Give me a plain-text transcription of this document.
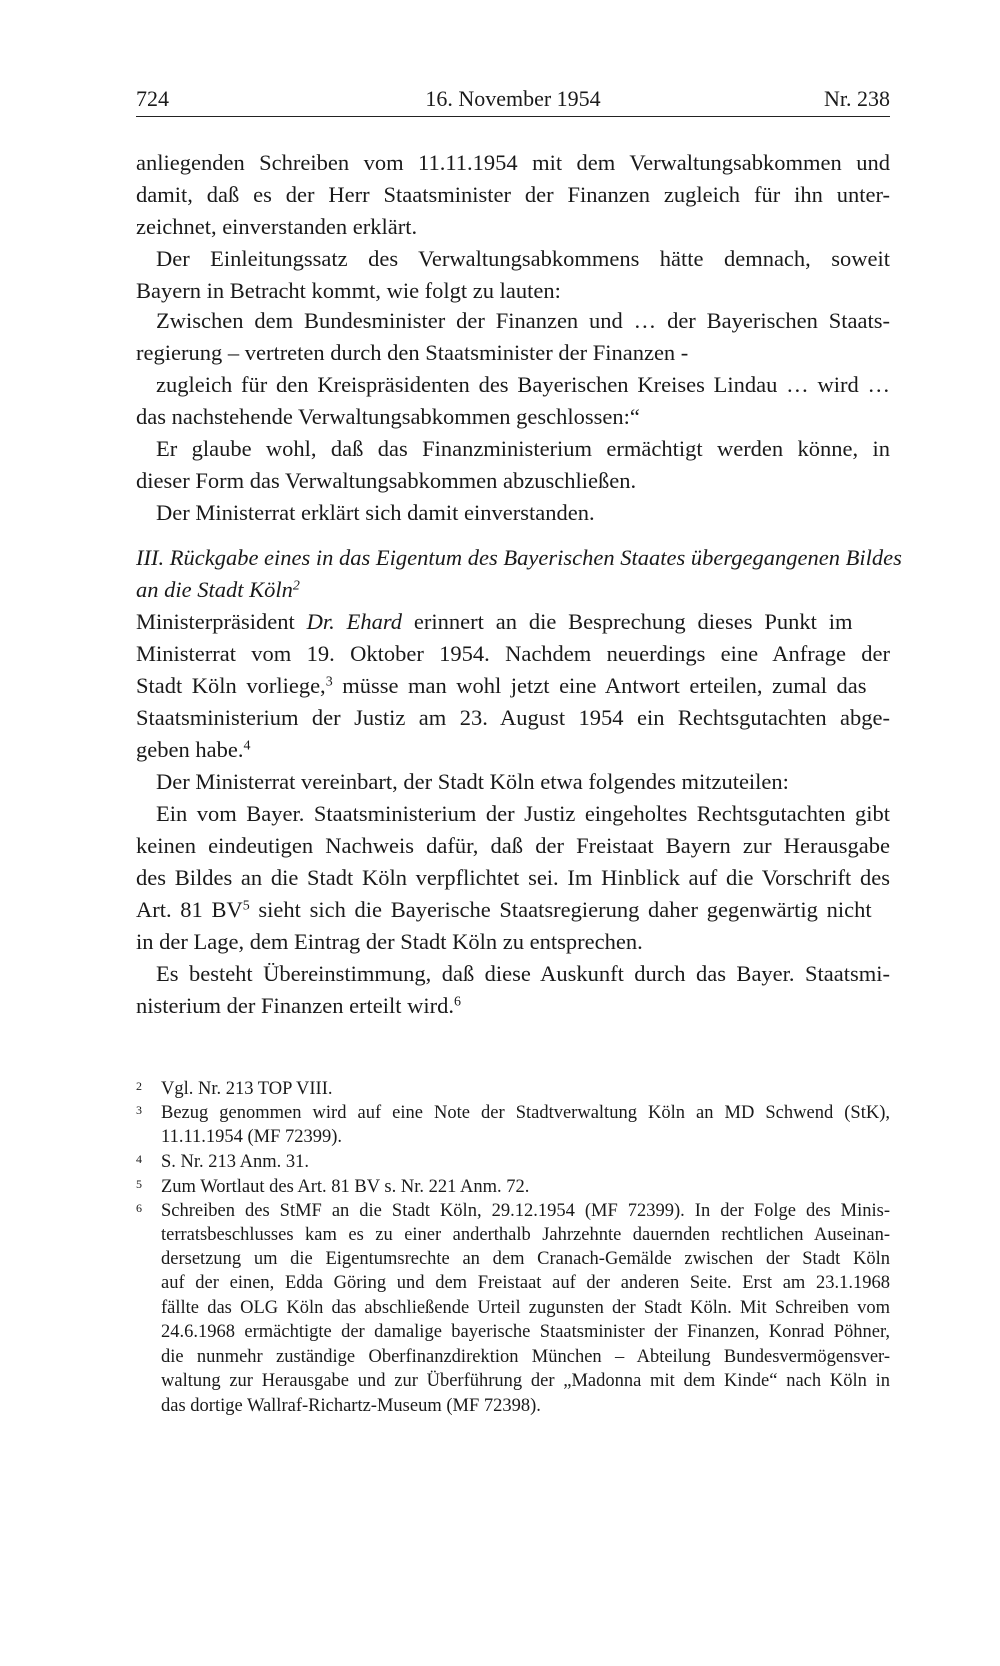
724	16. November 1954	Nr. 238
anliegenden Schreiben vom 11.11.1954 mit dem Verwaltungsabkommen und
damit, daß es der Herr Staatsminister der Finanzen zugleich für ihn unter-
zeichnet, einverstanden erklärt.
Der Einleitungssatz des Verwaltungsabkommens hätte demnach, soweit
Bayern in Betracht kommt, wie folgt zu lauten:
Zwischen dem Bundesminister der Finanzen und … der Bayerischen Staats-
regierung – vertreten durch den Staatsminister der Finanzen -
zugleich für den Kreispräsidenten des Bayerischen Kreises Lindau … wird …
das nachstehende Verwaltungsabkommen geschlossen:“
Er glaube wohl, daß das Finanzministerium ermächtigt werden könne, in
dieser Form das Verwaltungsabkommen abzuschließen.
Der Ministerrat erklärt sich damit einverstanden.
III. Rückgabe eines in das Eigentum des Bayerischen Staates übergegangenen Bildes
an die Stadt Köln$^2$
Ministerpräsident Dr. Ehard erinnert an die Besprechung dieses Punkt im
Ministerrat vom 19. Oktober 1954. Nachdem neuerdings eine Anfrage der
Stadt Köln vorliege,$^3$ müsse man wohl jetzt eine Antwort erteilen, zumal das
Staatsministerium der Justiz am 23. August 1954 ein Rechtsgutachten abge-
geben habe.$^4$
Der Ministerrat vereinbart, der Stadt Köln etwa folgendes mitzuteilen:
Ein vom Bayer. Staatsministerium der Justiz eingeholtes Rechtsgutachten gibt
keinen eindeutigen Nachweis dafür, daß der Freistaat Bayern zur Herausgabe
des Bildes an die Stadt Köln verpflichtet sei. Im Hinblick auf die Vorschrift des
Art. 81 $BV^5$ sieht sich die Bayerische Staatsregierung daher gegenwärtig nicht
in der Lage, dem Eintrag der Stadt Köln zu entsprechen.
Es besteht Übereinstimmung, daß diese Auskunft durch das Bayer. Staatsmi-
nisterium der Finanzen erteilt wird.$^6$
2 Vgl. Nr. 213 TOP VIII.
3 Bezug genommen wird auf eine Note der Stadtverwaltung Köln an MD Schwend (StK),
11.11.1954 (MF 72399).
4 S. Nr. 213 Anm. 31.
5 Zum Wortlaut des Art. 81 BV s. Nr. 221 Anm. 72.
6 Schreiben des StMF an die Stadt Köln, 29.12.1954 (MF 72399). In der Folge des Minis-
terratsbeschlusses kam es zu einer anderthalb Jahrzehnte dauernden rechtlichen Auseinan-
dersetzung um die Eigentumsrechte an dem Cranach-Gemälde zwischen der Stadt Köln
auf der einen, Edda Göring und dem Freistaat auf der anderen Seite. Erst am 23.1.1968
fällte das OLG Köln das abschließende Urteil zugunsten der Stadt Köln. Mit Schreiben vom
24.6.1968 ermächtigte der damalige bayerische Staatsminister der Finanzen, Konrad Pöhner,
die nunmehr zuständige Oberfinanzdirektion München – Abteilung Bundesvermögensver-
waltung zur Herausgabe und zur Überführung der „Madonna mit dem Kinde“ nach Köln in
das dortige Wallraf-Richartz-Museum (MF 72398).
